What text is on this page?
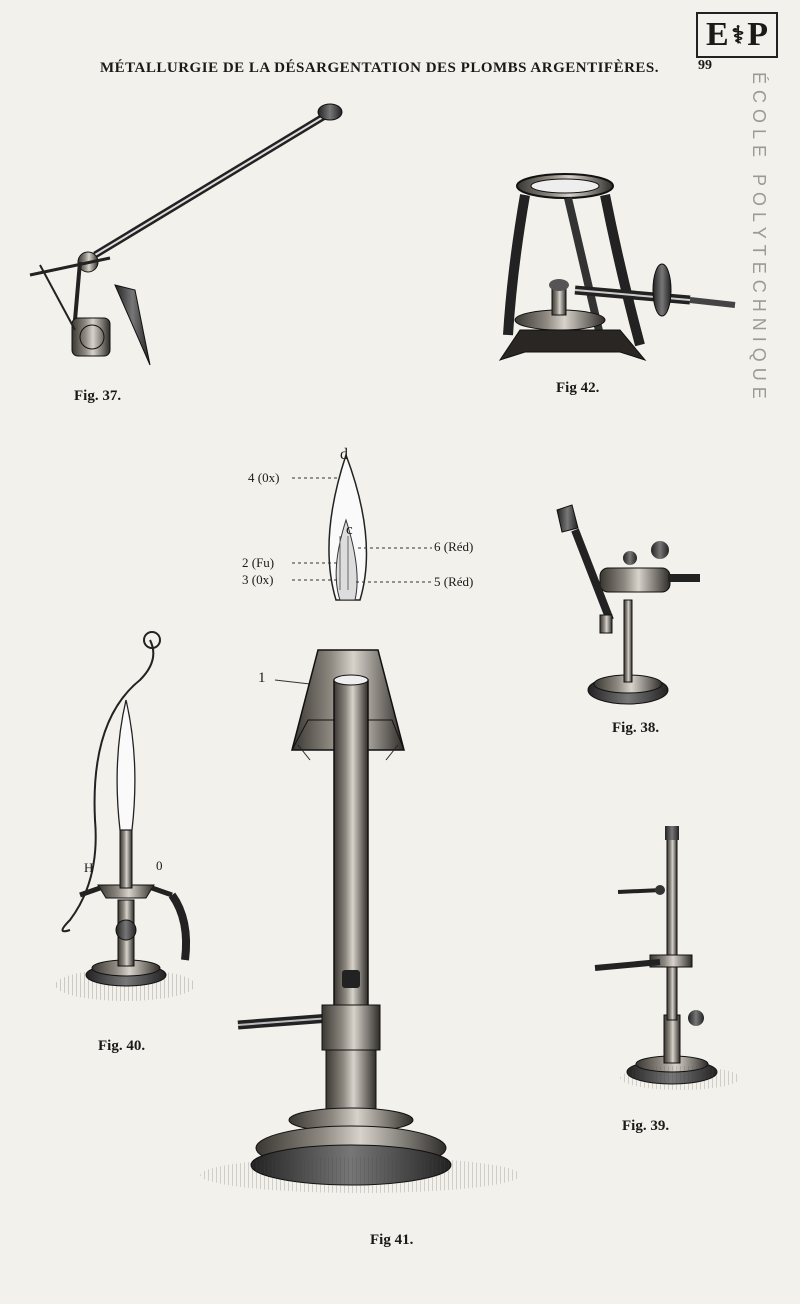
MÉTALLURGIE DE LA DÉSARGENTATION DES PLOMBS ARGENTIFÈRES.	99
E ⚕ P
ÉCOLE POLYTECHNIQUE
d
c
4 (0x)
2 (Fu)
3 (0x)
6 (Réd)
5 (Réd)
1
H	0
Fig. 37.	Fig 42.
Fig. 38.
Fig. 40.
Fig. 39.
Fig 41.
